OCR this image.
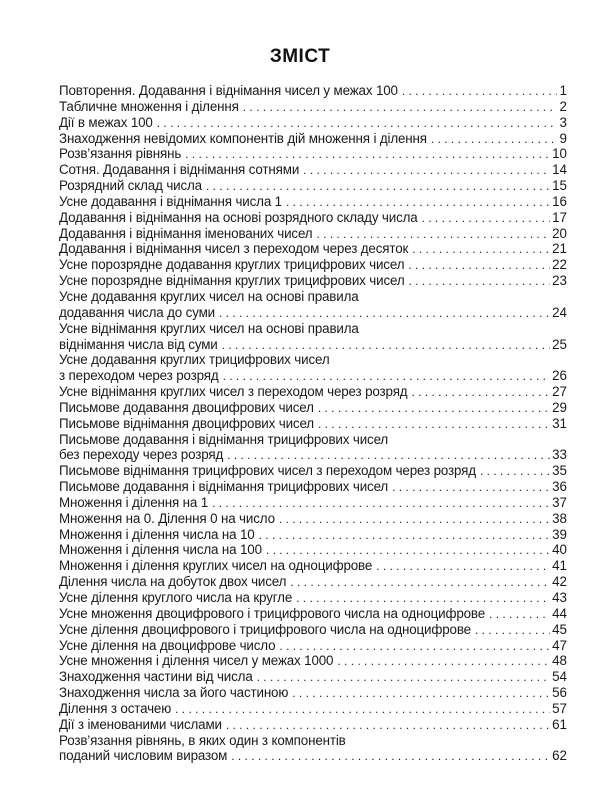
ЗМІСТ
Повторення. Додавання і віднімання чисел у межах 100 . . .	1
Табличне множення і ділення . . .	2
Дії в межах 100 . . .	3
Знаходження невідомих компонентів дій множення і ділення . . .	9
Розв’язання рівнянь . . .	10
Сотня. Додавання і віднімання сотнями . . .	14
Розрядний склад числа . . .	15
Усне додавання і віднімання числа 1 . . .	16
Додавання і віднімання на основі розрядного складу числа . . .	17
Додавання і віднімання іменованих чисел . . .	20
Додавання і віднімання чисел з переходом через десяток . . .	21
Усне порозрядне додавання круглих трицифрових чисел . . .	22
Усне порозрядне віднімання круглих трицифрових чисел . . .	23
Усне додавання круглих чисел на основі правила
додавання числа до суми . . .	24
Усне віднімання круглих чисел на основі правила
віднімання числа від суми . . .	25
Усне додавання круглих трицифрових чисел
з переходом через розряд . . .	26
Усне віднімання круглих чисел з переходом через розряд . . .	27
Письмове додавання двоцифрових чисел . . .	29
Письмове віднімання двоцифрових чисел . . .	31
Письмове додавання і віднімання трицифрових чисел
без переходу через розряд . . .	33
Письмове віднімання трицифрових чисел з переходом через розряд . . .	35
Письмове додавання і віднімання трицифрових чисел . . .	36
Множення і ділення на 1 . . .	37
Множення на 0. Ділення 0 на число . . .	38
Множення і ділення числа на 10 . . .	39
Множення і ділення числа на 100 . . .	40
Множення і ділення круглих чисел на одноцифрове . . .	41
Ділення числа на добуток двох чисел . . .	42
Усне ділення круглого числа на кругле . . .	43
Усне множення двоцифрового і трицифрового числа на одноцифрове . . .	44
Усне ділення двоцифрового і трицифрового числа на одноцифрове . . .	45
Усне ділення на двоцифрове число . . .	47
Усне множення і ділення чисел у межах 1000 . . .	48
Знаходження частини від числа . . .	54
Знаходження числа за його частиною . . .	56
Ділення з остачею . . .	57
Дії з іменованими числами . . .	61
Розв’язання рівнянь, в яких один з компонентів
поданий числовим виразом . . .	62
